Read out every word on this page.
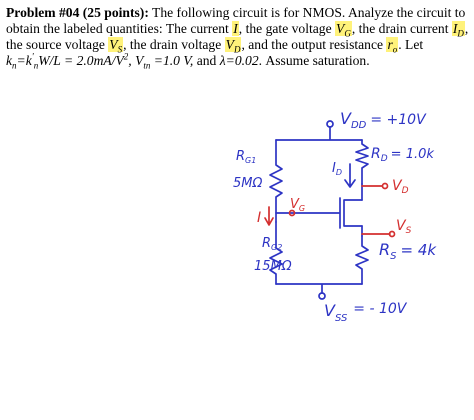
Problem #04 (25 points): The following circuit is for NMOS. Analyze the circuit to obtain the labeled quantities: The current I, the gate voltage $V_G$, the drain current $I_D$, the source voltage $V_S$, the drain voltage $V_D$, and the output resistance $r_o$. Let
$k_n=k'_nW/L = 2.0mA/V^2$, $V_{tn} =1.0$ V, and λ=0.02. Assume saturation.
$V_{DD} = +10V$
$R_{G1}$
5MΩ
$R_D = 1.0k$
$I_D$
$V_D$
I
$V_G$
$V_S$
$R_{G2}$
15MΩ
$R_S = 4k$
$V_{SS}= - 10V$
